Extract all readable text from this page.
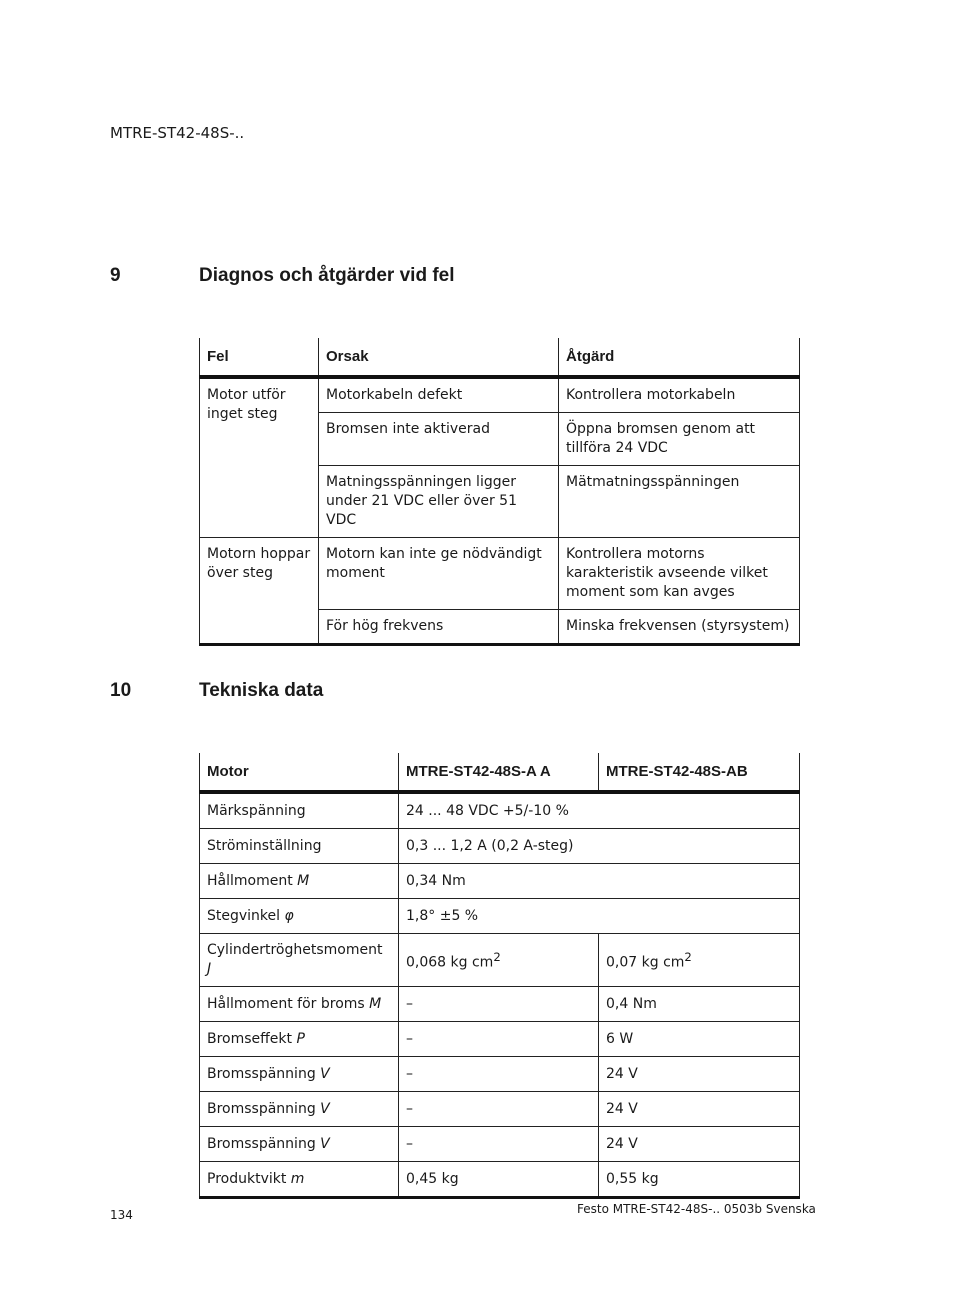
MTRE-ST42-48S-..
9	Diagnos och åtgärder vid fel
Fel	Orsak	Åtgärd
Motor utför inget steg	Motorkabeln defekt	Kontrollera motorkabeln
	Bromsen inte aktiverad	Öppna bromsen genom att tillföra 24 VDC
	Matningsspänningen ligger under 21 VDC eller över 51 VDC	Mätmatningsspänningen
Motorn hoppar över steg	Motorn kan inte ge nödvändigt moment	Kontrollera motorns karakteristik avseende vilket moment som kan avges
	För hög frekvens	Minska frekvensen (styrsystem)
10	Tekniska data
Motor	MTRE-ST42-48S-A A	MTRE-ST42-48S-AB
Märkspänning	24 ... 48 VDC +5/-10 %	
Ströminställning	0,3 ... 1,2 A (0,2 A-steg)	
Hållmoment M	0,34 Nm	
Stegvinkel φ	1,8° ±5 %	
Cylindertröghetsmoment J	0,068 kg $cm^2$	0,07 kg $cm^2$
Hållmoment för broms M	–	0,4 Nm
Bromseffekt P	–	6 W
Bromsspänning V	–	24 V
Bromsspänning V	–	24 V
Bromsspänning V	–	24 V
Produktvikt m	0,45 kg	0,55 kg
134	Festo MTRE-ST42-48S-.. 0503b Svenska
